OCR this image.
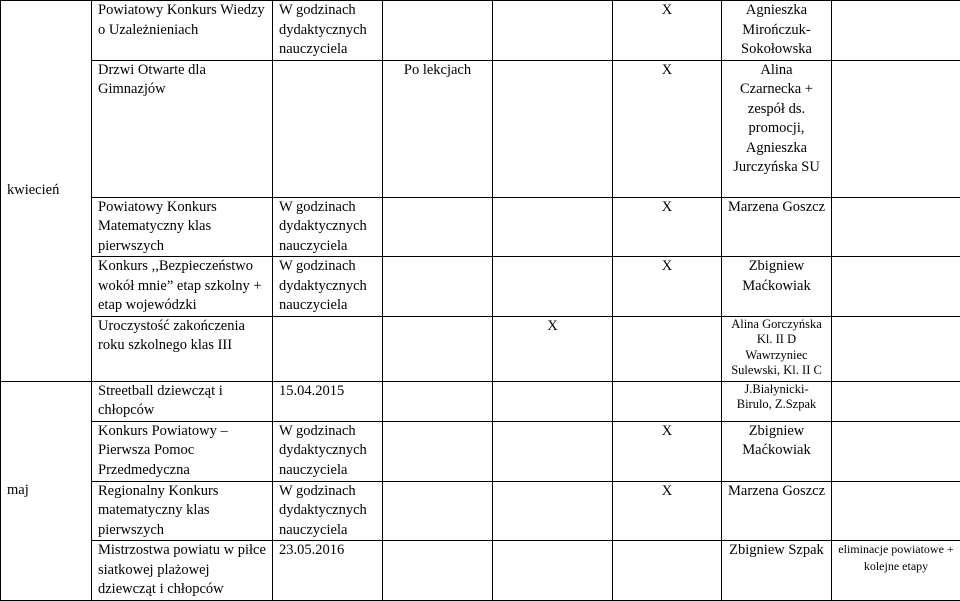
kwiecień	Powiatowy Konkurs Wiedzy o Uzależnieniach	W godzinach dydaktycznych nauczyciela			X	Agnieszka Mirończuk-Sokołowska	
	Drzwi Otwarte dla Gimnazjów		Po lekcjach		X	Alina Czarnecka + zespół ds. promocji, Agnieszka Jurczyńska SU	
	Powiatowy Konkurs Matematyczny klas pierwszych	W godzinach dydaktycznych nauczyciela			X	Marzena Goszcz	
	Konkurs ,,Bezpieczeństwo wokół mnie” etap szkolny + etap wojewódzki	W godzinach dydaktycznych nauczyciela			X	Zbigniew Maćkowiak	
	Uroczystość zakończenia roku szkolnego klas III			X		Alina Gorczyńska Kl. II D Wawrzyniec Sulewski, Kl. II C	
maj	Streetball dziewcząt i chłopców	15.04.2015				J.Białynicki-Birulo, Z.Szpak	
	Konkurs Powiatowy – Pierwsza Pomoc Przedmedyczna	W godzinach dydaktycznych nauczyciela			X	Zbigniew Maćkowiak	
	Regionalny Konkurs matematyczny klas pierwszych	W godzinach dydaktycznych nauczyciela			X	Marzena Goszcz	
	Mistrzostwa powiatu w piłce siatkowej plażowej dziewcząt i chłopców	23.05.2016				Zbigniew Szpak	eliminacje powiatowe + kolejne etapy
